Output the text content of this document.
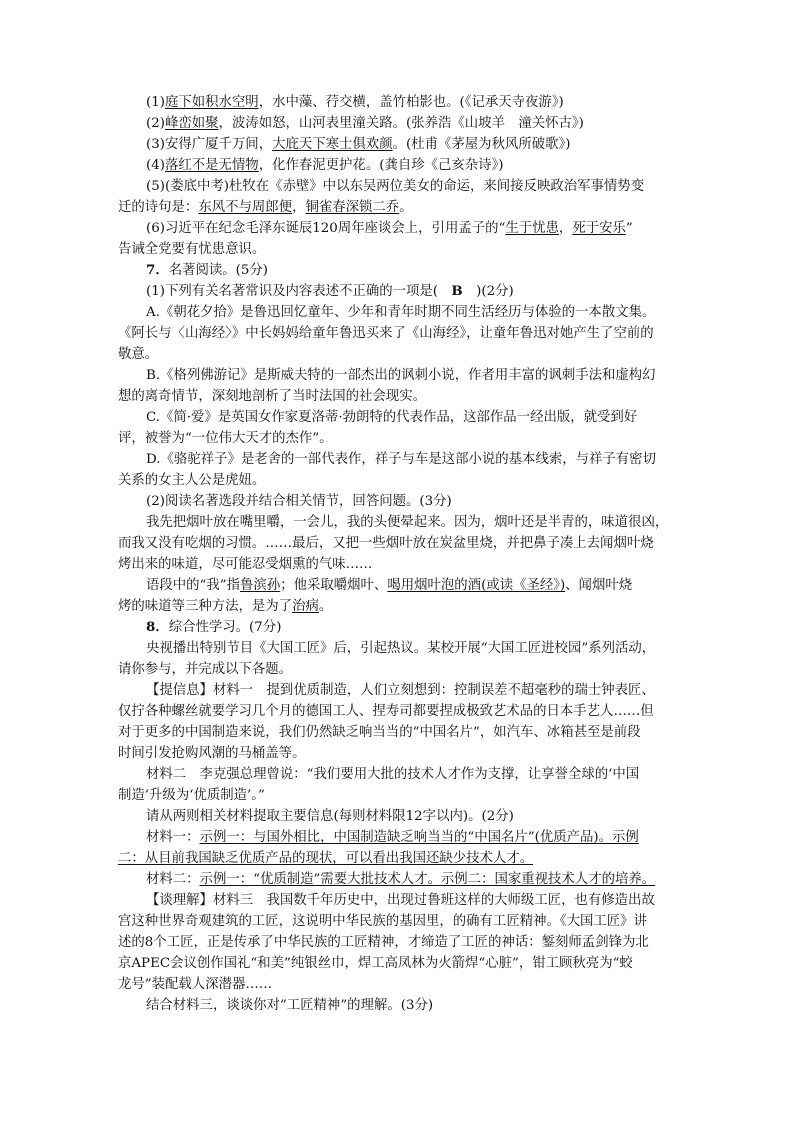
(1)庭下如积水空明，水中藻、荇交横，盖竹柏影也。(《记承天寺夜游》)
(2)峰峦如聚，波涛如怒，山河表里潼关路。(张养浩《山坡羊　潼关怀古》)
(3)安得广厦千万间，大庇天下寒士俱欢颜。(杜甫《茅屋为秋风所破歌》)
(4)落红不是无情物，化作春泥更护花。(龚自珍《己亥杂诗》)
(5)(娄底中考)杜牧在《赤壁》中以东吴两位美女的命运，来间接反映政治军事情势变
迁的诗句是：东风不与周郎便，铜雀春深锁二乔。
(6)习近平在纪念毛泽东诞辰120周年座谈会上，引用孟子的“生于忧患，死于安乐”
告诫全党要有忧患意识。
7．名著阅读。(5分)
(1)下列有关名著常识及内容表述不正确的一项是(　B　)(2分)
A.《朝花夕拾》是鲁迅回忆童年、少年和青年时期不同生活经历与体验的一本散文集。
《阿长与〈山海经〉》中长妈妈给童年鲁迅买来了《山海经》，让童年鲁迅对她产生了空前的
敬意。
B.《格列佛游记》是斯威夫特的一部杰出的讽刺小说，作者用丰富的讽刺手法和虚构幻
想的离奇情节，深刻地剖析了当时法国的社会现实。
C.《简·爱》是英国女作家夏洛蒂·勃朗特的代表作品，这部作品一经出版，就受到好
评，被誉为“一位伟大天才的杰作”。
D.《骆驼祥子》是老舍的一部代表作，祥子与车是这部小说的基本线索，与祥子有密切
关系的女主人公是虎妞。
(2)阅读名著选段并结合相关情节，回答问题。(3分)
我先把烟叶放在嘴里嚼，一会儿，我的头便晕起来。因为，烟叶还是半青的，味道很凶，
而我又没有吃烟的习惯。……最后，又把一些烟叶放在炭盆里烧，并把鼻子凑上去闻烟叶烧
烤出来的味道，尽可能忍受烟熏的气味……
语段中的“我”指鲁滨孙；他采取嚼烟叶、喝用烟叶泡的酒(或读《圣经》)、闻烟叶烧
烤的味道等三种方法，是为了治病。
8．综合性学习。(7分)
央视播出特别节目《大国工匠》后，引起热议。某校开展“大国工匠进校园”系列活动，
请你参与，并完成以下各题。
【提信息】材料一　提到优质制造，人们立刻想到：控制误差不超毫秒的瑞士钟表匠、
仅拧各种螺丝就要学习几个月的德国工人、捏寿司都要捏成极致艺术品的日本手艺人……但
对于更多的中国制造来说，我们仍然缺乏响当当的“中国名片”，如汽车、冰箱甚至是前段
时间引发抢购风潮的马桶盖等。
材料二　李克强总理曾说：“我们要用大批的技术人才作为支撑，让享誉全球的‘中国
制造’升级为‘优质制造’。”
请从两则相关材料提取主要信息(每则材料限12字以内)。(2分)
材料一：示例一：与国外相比，中国制造缺乏响当当的“中国名片”(优质产品)。示例
二：从目前我国缺乏优质产品的现状，可以看出我国还缺少技术人才。
材料二：示例一：“优质制造”需要大批技术人才。示例二：国家重视技术人才的培养。
【谈理解】材料三　我国数千年历史中，出现过鲁班这样的大师级工匠，也有修造出故
宫这种世界奇观建筑的工匠，这说明中华民族的基因里，的确有工匠精神。《大国工匠》讲
述的8个工匠，正是传承了中华民族的工匠精神，才缔造了工匠的神话：錾刻师孟剑锋为北
京APEC会议创作国礼“和美”纯银丝巾，焊工高凤林为火箭焊“心脏”，钳工顾秋亮为“蛟
龙号”装配载人深潜器……
结合材料三，谈谈你对“工匠精神”的理解。(3分)
